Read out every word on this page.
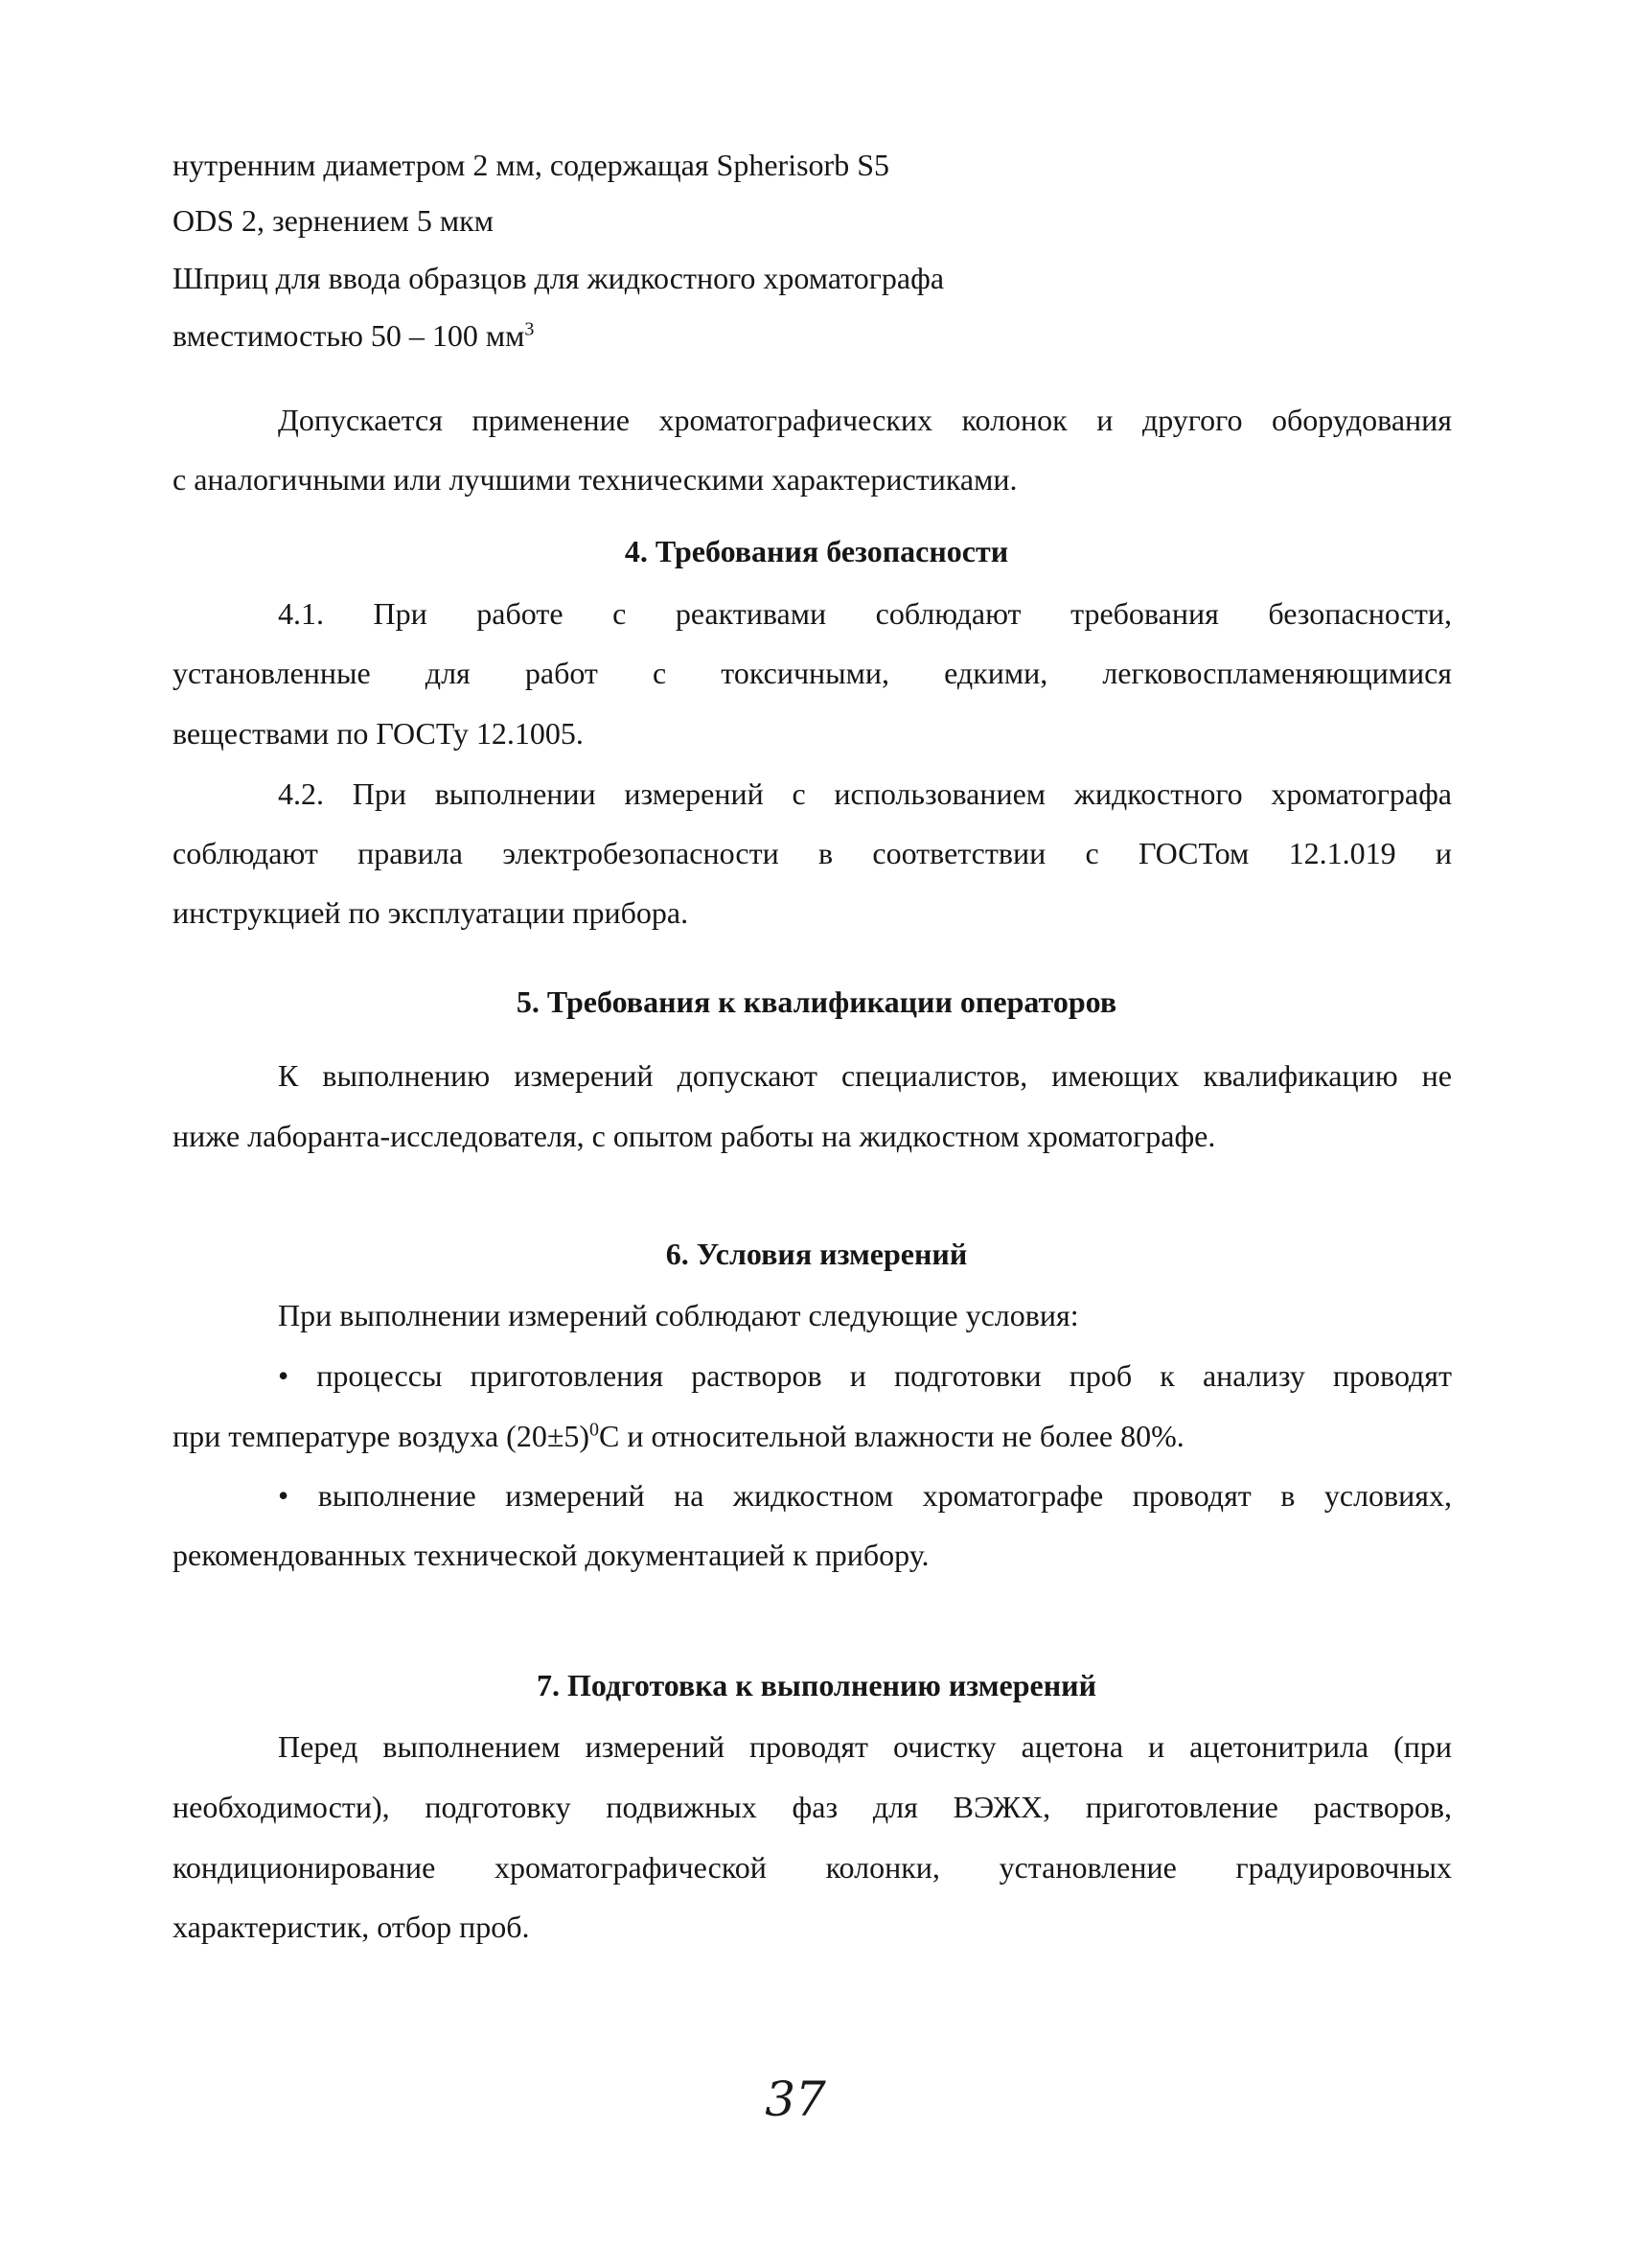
нутренним диаметром 2 мм, содержащая Spherisorb S5
ODS 2, зернением 5 мкм
Шприц для ввода образцов для жидкостного хроматографа
вместимостью 50 – 100 $мм^3$
Допускается применение хроматографических колонок и другого оборудования
с аналогичными или лучшими техническими характеристиками.
4. Требования безопасности
4.1. При работе с реактивами соблюдают требования безопасности,
установленные для работ с токсичными, едкими, легковоспламеняющимися
веществами по ГОСТу 12.1005.
4.2. При выполнении измерений с использованием жидкостного хроматографа
соблюдают правила электробезопасности в соответствии с ГОСТом 12.1.019 и
инструкцией по эксплуатации прибора.
5. Требования к квалификации операторов
К выполнению измерений допускают специалистов, имеющих квалификацию не
ниже лаборанта-исследователя, с опытом работы на жидкостном хроматографе.
6. Условия измерений
При выполнении измерений соблюдают следующие условия:
• процессы приготовления растворов и подготовки проб к анализу проводят
при температуре воздуха $(20\pm 5)^0С$ и относительной влажности не более 80%.
• выполнение измерений на жидкостном хроматографе проводят в условиях,
рекомендованных технической документацией к прибору.
7. Подготовка к выполнению измерений
Перед выполнением измерений проводят очистку ацетона и ацетонитрила (при
необходимости), подготовку подвижных фаз для ВЭЖХ, приготовление растворов,
кондиционирование хроматографической колонки, установление градуировочных
характеристик, отбор проб.
37
